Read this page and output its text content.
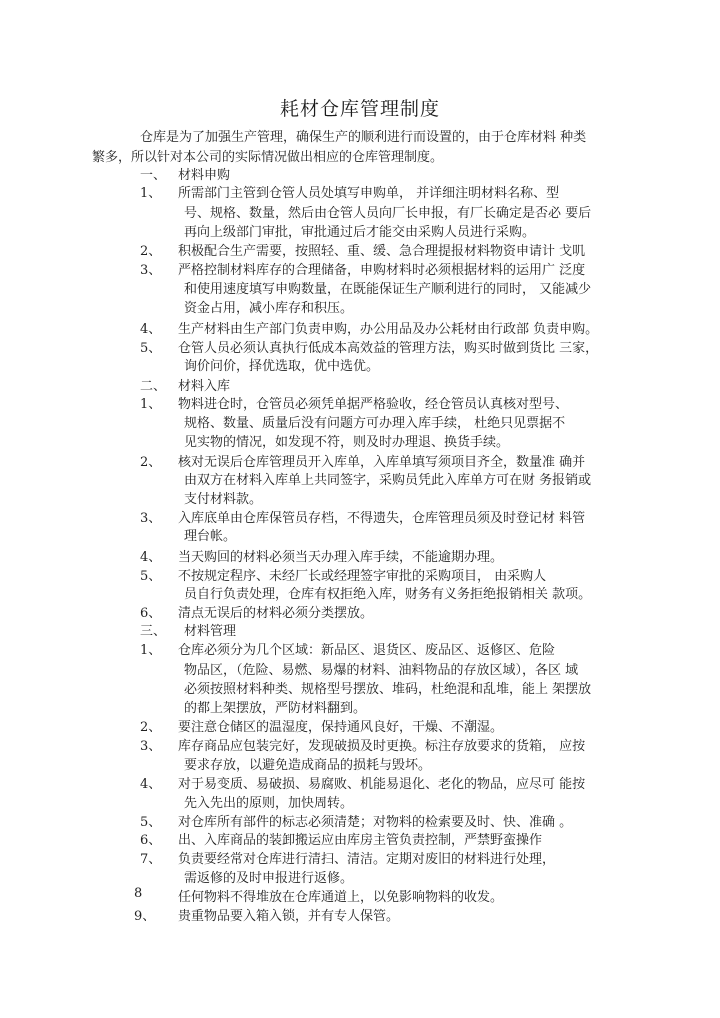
耗材仓库管理制度
仓库是为了加强生产管理，确保生产的顺利进行而设置的，由于仓库材料 种类
繁多，所以针对本公司的实际情况做出相应的仓库管理制度。
一、 材料申购
1、 所需部门主管到仓管人员处填写申购单， 并详细注明材料名称、型
号、规格、数量，然后由仓管人员向厂长申报，有厂长确定是否必 要后
再向上级部门审批，审批通过后才能交由采购人员进行采购。
2、 积极配合生产需要，按照轻、重、缓、急合理提报材料物资申请计 戈叽
3、 严格控制材料库存的合理储备，申购材料时必须根据材料的运用广 泛度
和使用速度填写申购数量，在既能保证生产顺利进行的同时， 又能减少
资金占用，减小库存和积压。
4、 生产材料由生产部门负责申购，办公用品及办公耗材由行政部 负责申购。
5、 仓管人员必须认真执行低成本高效益的管理方法，购买时做到货比 三家，
询价问价，择优选取，优中选优。
二、 材料入库
1、 物料进仓时，仓管员必须凭单据严格验收，经仓管员认真核对型号、
规格、数量、质量后没有问题方可办理入库手续， 杜绝只见票据不
见实物的情况，如发现不符，则及时办理退、换货手续。
2、 核对无误后仓库管理员开入库单，入库单填写须项目齐全，数量准 确并
由双方在材料入库单上共同签字，采购员凭此入库单方可在财 务报销或
支付材料款。
3、 入库底单由仓库保管员存档，不得遗失，仓库管理员须及时登记材 料管
理台帐。
4、 当天购回的材料必须当天办理入库手续，不能逾期办理。
5、 不按规定程序、未经厂长或经理签字审批的采购项目， 由采购人
员自行负责处理，仓库有权拒绝入库，财务有义务拒绝报销相关 款项。
6、 清点无误后的材料必须分类摆放。
三、 材料管理
1、 仓库必须分为几个区域：新品区、退货区、废品区、返修区、危险
物品区，（危险、易燃、易爆的材料、油料物品的存放区域），各区 域
必须按照材料种类、规格型号摆放、堆码，杜绝混和乱堆，能上 架摆放
的都上架摆放，严防材料翻到。
2、 要注意仓储区的温湿度，保持通风良好，干燥、不潮湿。
3、 库存商品应包装完好，发现破损及时更换。标注存放要求的货箱， 应按
要求存放，以避免造成商品的损耗与毁坏。
4、 对于易变质、易破损、易腐败、机能易退化、老化的物品，应尽可 能按
先入先出的原则，加快周转。
5、 对仓库所有部件的标志必须清楚；对物料的检索要及时、快、准确 。
6、 出、入库商品的装卸搬运应由库房主管负责控制，严禁野蛮操作
7、 负责要经常对仓库进行清扫、清洁。定期对废旧的材料进行处理，
需返修的及时申报进行返修。
8	任何物料不得堆放在仓库通道上，以免影响物料的收发。
9、 贵重物品要入箱入锁，并有专人保管。
